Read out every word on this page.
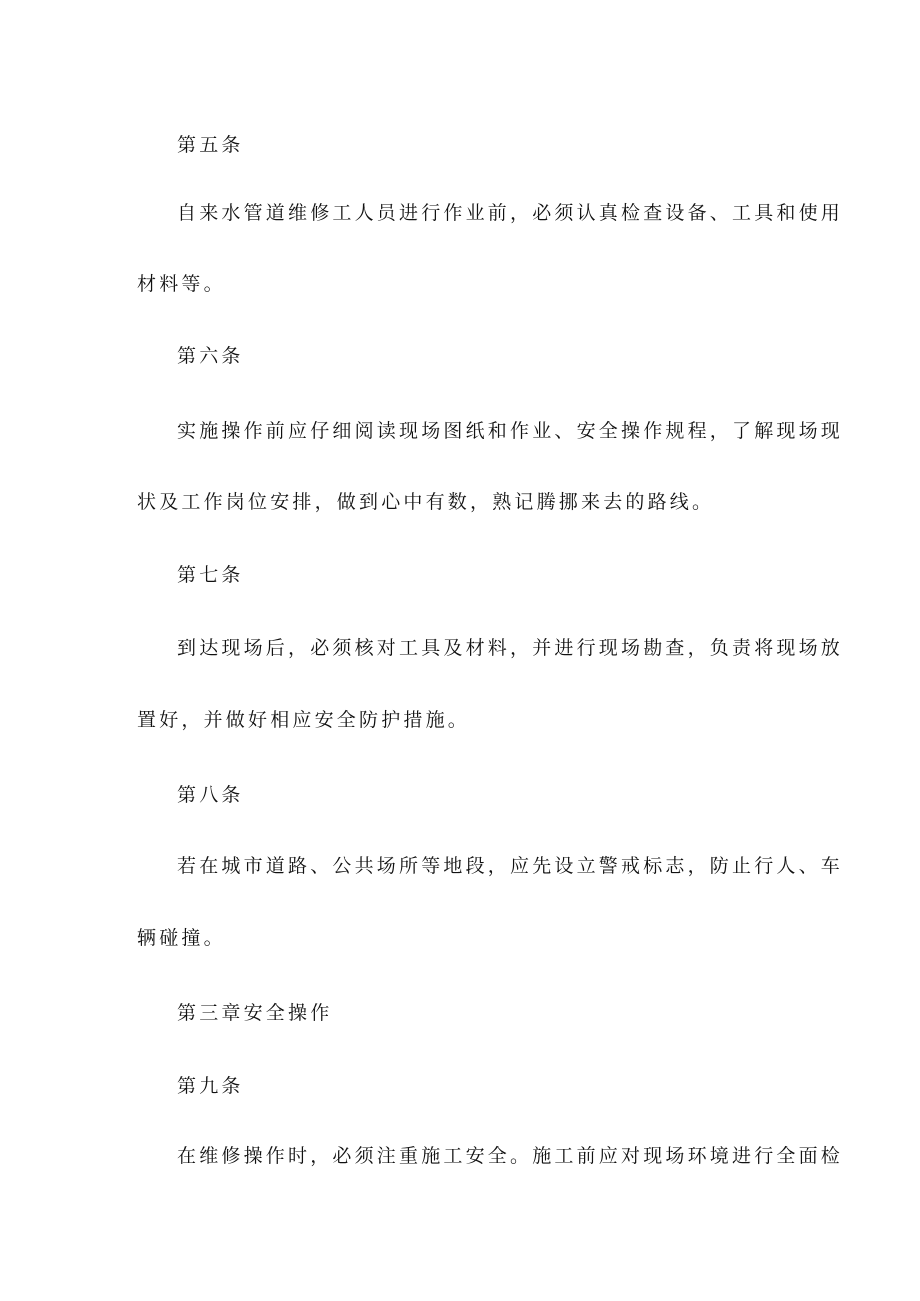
第五条
自来水管道维修工人员进行作业前，必须认真检查设备、工具和使用
材料等。
第六条
实施操作前应仔细阅读现场图纸和作业、安全操作规程，了解现场现
状及工作岗位安排，做到心中有数，熟记腾挪来去的路线。
第七条
到达现场后，必须核对工具及材料，并进行现场勘查，负责将现场放
置好，并做好相应安全防护措施。
第八条
若在城市道路、公共场所等地段，应先设立警戒标志，防止行人、车
辆碰撞。
第三章安全操作
第九条
在维修操作时，必须注重施工安全。施工前应对现场环境进行全面检
